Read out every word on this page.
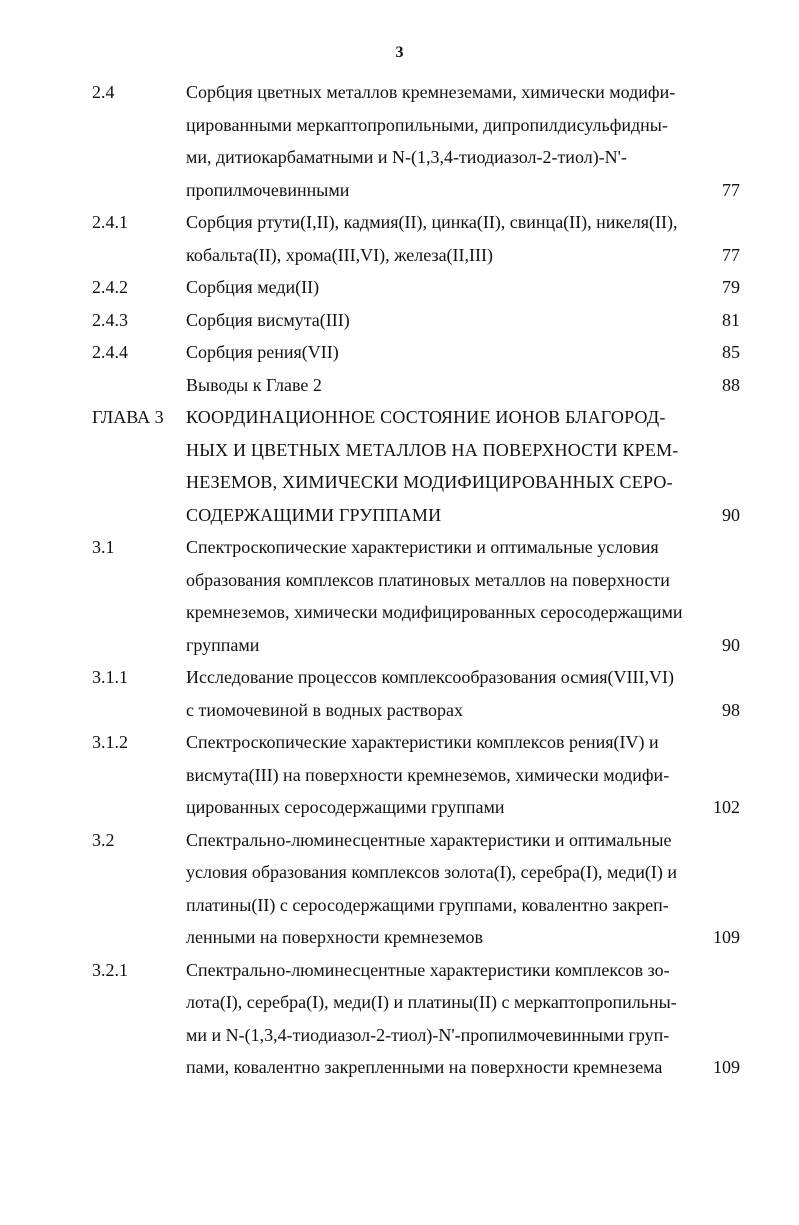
3
2.4	Сорбция цветных металлов кремнеземами, химически модифи-
цированными меркаптопропильными, дипропилдисульфидны-
ми, дитиокарбаматными и N-(1,3,4-тиодиазол-2-тиол)-N'-
пропилмочевинными	77
2.4.1	Сорбция ртути(I,II), кадмия(II), цинка(II), свинца(II), никеля(II),
кобальта(II), хрома(III,VI), железа(II,III)	77
2.4.2	Сорбция меди(II)	79
2.4.3	Сорбция висмута(III)	81
2.4.4	Сорбция рения(VII)	85
Выводы к Главе 2	88
ГЛАВА 3 КООРДИНАЦИОННОЕ СОСТОЯНИЕ ИОНОВ БЛАГОРОД-
НЫХ И ЦВЕТНЫХ МЕТАЛЛОВ НА ПОВЕРХНОСТИ КРЕМ-
НЕЗЕМОВ, ХИМИЧЕСКИ МОДИФИЦИРОВАННЫХ СЕРО-
СОДЕРЖАЩИМИ ГРУППАМИ	90
3.1	Спектроскопические характеристики и оптимальные условия
образования комплексов платиновых металлов на поверхности
кремнеземов, химически модифицированных серосодержащими
группами	90
3.1.1	Исследование процессов комплексообразования осмия(VIII,VI)
с тиомочевиной в водных растворах	98
3.1.2	Спектроскопические характеристики комплексов рения(IV) и
висмута(III) на поверхности кремнеземов, химически модифи-
цированных серосодержащими группами	102
3.2	Спектрально-люминесцентные характеристики и оптимальные
условия образования комплексов золота(I), серебра(I), меди(I) и
платины(II) с серосодержащими группами, ковалентно закреп-
ленными на поверхности кремнеземов	109
3.2.1	Спектрально-люминесцентные характеристики комплексов зо-
лота(I), серебра(I), меди(I) и платины(II) с меркаптопропильны-
ми и N-(1,3,4-тиодиазол-2-тиол)-N'-пропилмочевинными груп-
пами, ковалентно закрепленными на поверхности кремнезема	109
